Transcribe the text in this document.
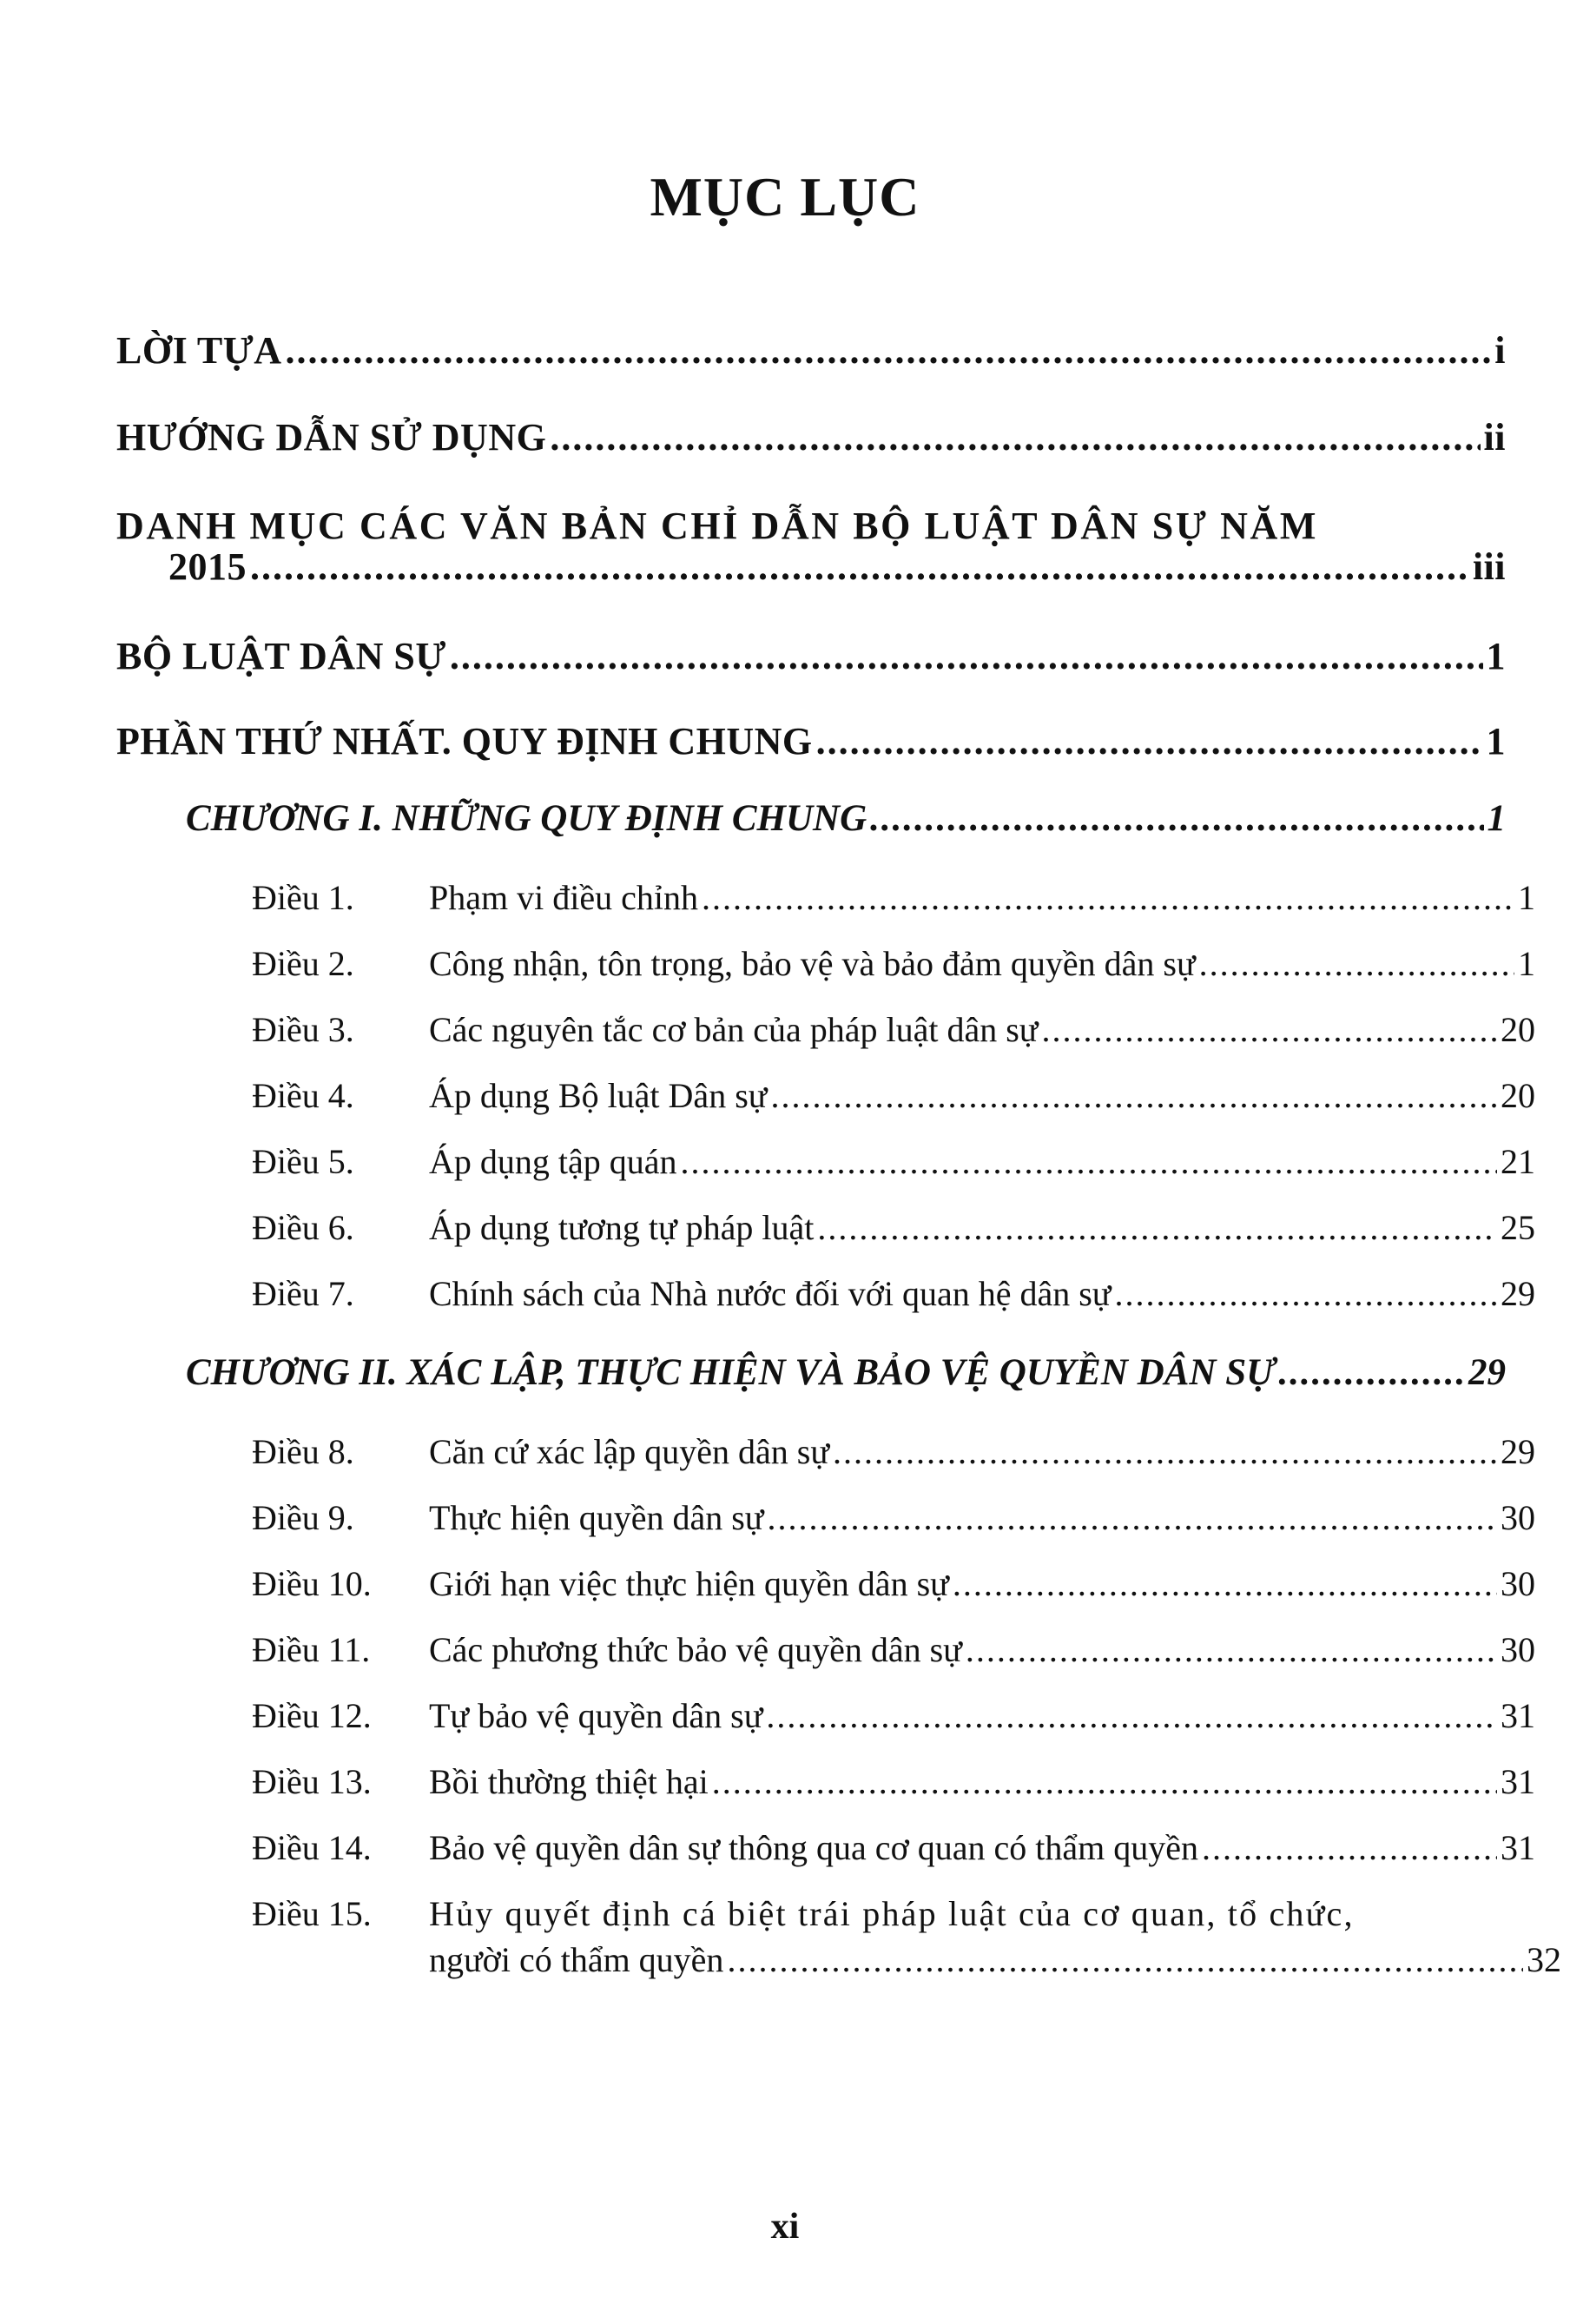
MỤC LỤC
LỜI TỰA .....	i
HƯỚNG DẪN SỬ DỤNG .....	ii
DANH MỤC CÁC VĂN BẢN CHỈ DẪN BỘ LUẬT DÂN SỰ NĂM
2015 .....	iii
BỘ LUẬT DÂN SỰ .....	1
PHẦN THỨ NHẤT. QUY ĐỊNH CHUNG .....	1
CHƯƠNG I. NHỮNG QUY ĐỊNH CHUNG .....	1
Điều 1.	Phạm vi điều chỉnh .....	1
Điều 2.	Công nhận, tôn trọng, bảo vệ và bảo đảm quyền dân sự .....	1
Điều 3.	Các nguyên tắc cơ bản của pháp luật dân sự .....	20
Điều 4.	Áp dụng Bộ luật Dân sự .....	20
Điều 5.	Áp dụng tập quán .....	21
Điều 6.	Áp dụng tương tự pháp luật .....	25
Điều 7.	Chính sách của Nhà nước đối với quan hệ dân sự .....	29
CHƯƠNG II. XÁC LẬP, THỰC HIỆN VÀ BẢO VỆ QUYỀN DÂN SỰ .....	29
Điều 8.	Căn cứ xác lập quyền dân sự .....	29
Điều 9.	Thực hiện quyền dân sự .....	30
Điều 10.	Giới hạn việc thực hiện quyền dân sự .....	30
Điều 11.	Các phương thức bảo vệ quyền dân sự .....	30
Điều 12.	Tự bảo vệ quyền dân sự .....	31
Điều 13.	Bồi thường thiệt hại .....	31
Điều 14.	Bảo vệ quyền dân sự thông qua cơ quan có thẩm quyền .....	31
Điều 15.	Hủy quyết định cá biệt trái pháp luật của cơ quan, tổ chức,
người có thẩm quyền .....	32
xi
